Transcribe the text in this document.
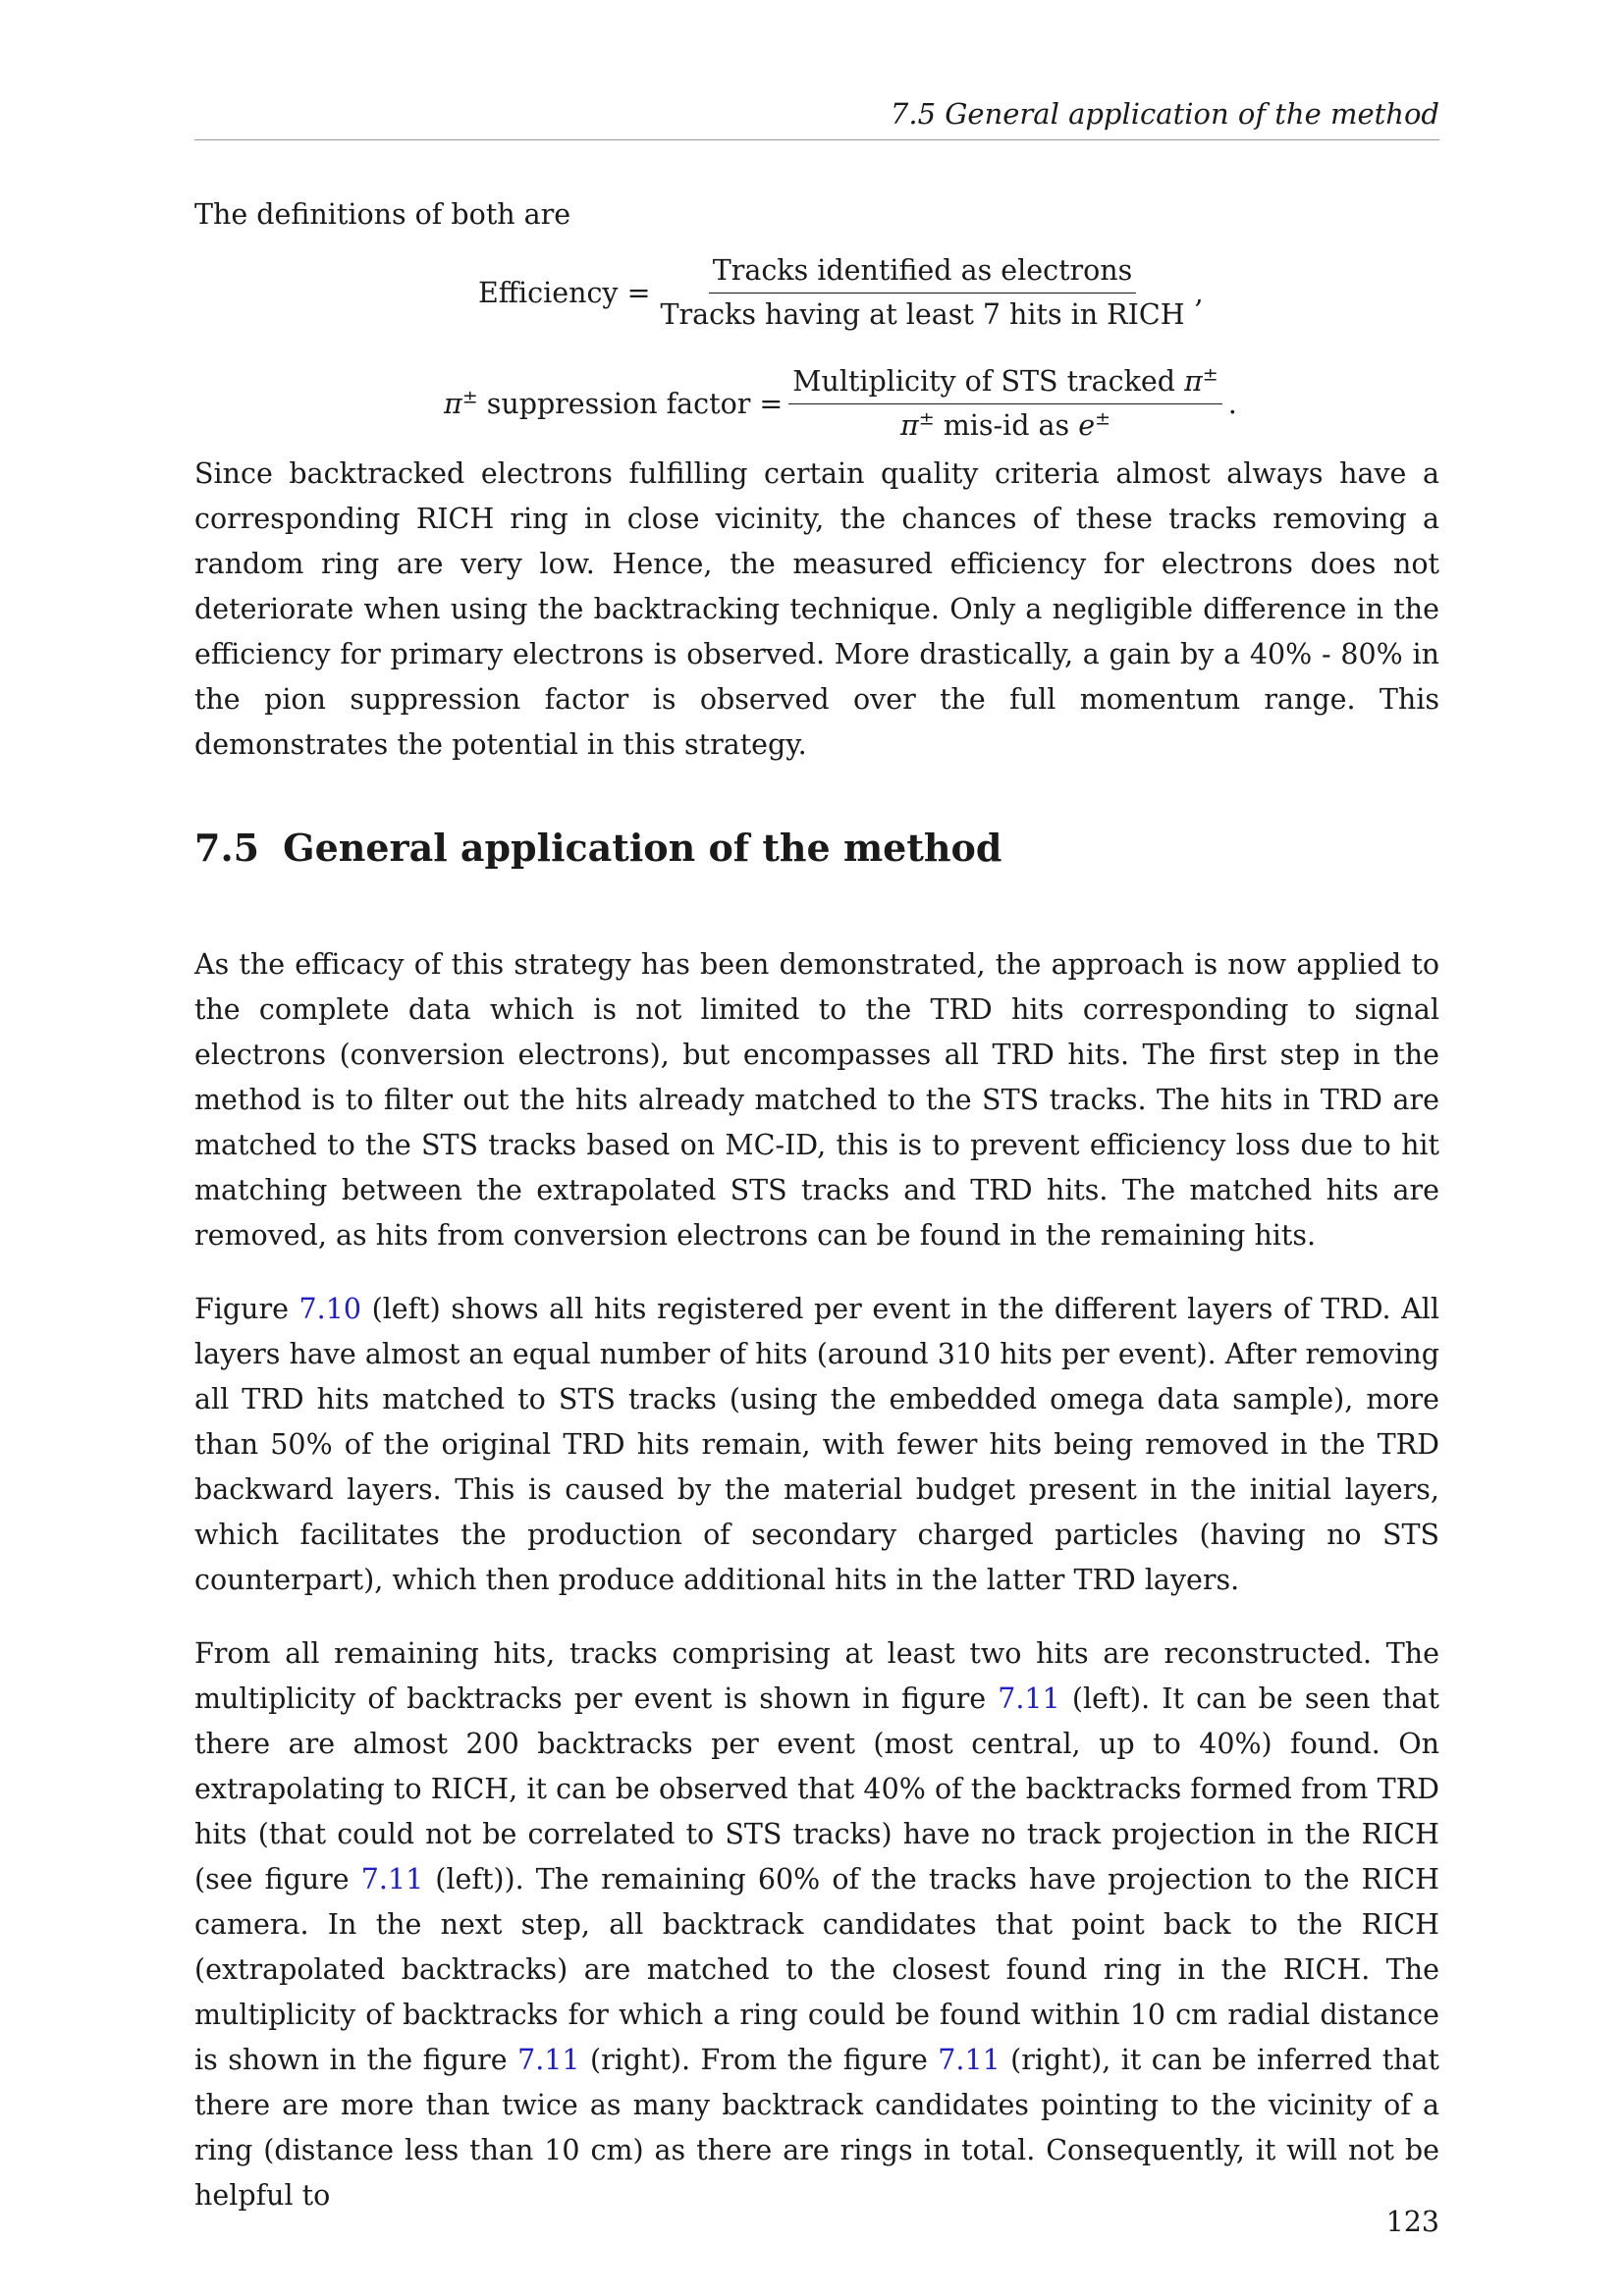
7.5 General application of the method

The definitions of both are

Efficiency = $\frac{\text{Tracks identified as electrons}}{\text{Tracks having at least 7 hits in RICH}}$ ,
π± suppression factor = $\frac{Multiplicity of STS tracked \pi^\pm}{\pi^\pm mis-id as e^\pm}$ .

Since backtracked electrons fulfilling certain quality criteria almost always have a corresponding RICH ring in close vicinity, the chances of these tracks removing a random ring are very low. Hence, the measured efficiency for electrons does not deteriorate when using the backtracking technique. Only a negligible difference in the efficiency for primary electrons is observed. More drastically, a gain by a 40% - 80% in the pion suppression factor is observed over the full momentum range. This demonstrates the potential in this strategy.

7.5 General application of the method

As the efficacy of this strategy has been demonstrated, the approach is now applied to the complete data which is not limited to the TRD hits corresponding to signal electrons (conversion electrons), but encompasses all TRD hits. The first step in the method is to filter out the hits already matched to the STS tracks. The hits in TRD are matched to the STS tracks based on MC-ID, this is to prevent efficiency loss due to hit matching between the extrapolated STS tracks and TRD hits. The matched hits are removed, as hits from conversion electrons can be found in the remaining hits.

Figure 7.10 (left) shows all hits registered per event in the different layers of TRD. All layers have almost an equal number of hits (around 310 hits per event). After removing all TRD hits matched to STS tracks (using the embedded omega data sample), more than 50% of the original TRD hits remain, with fewer hits being removed in the TRD backward layers. This is caused by the material budget present in the initial layers, which facilitates the production of secondary charged particles (having no STS counterpart), which then produce additional hits in the latter TRD layers.

From all remaining hits, tracks comprising at least two hits are reconstructed. The multiplicity of backtracks per event is shown in figure 7.11 (left). It can be seen that there are almost 200 backtracks per event (most central, up to 40%) found. On extrapolating to RICH, it can be observed that 40% of the backtracks formed from TRD hits (that could not be correlated to STS tracks) have no track projection in the RICH (see figure 7.11 (left)). The remaining 60% of the tracks have projection to the RICH camera. In the next step, all backtrack candidates that point back to the RICH (extrapolated backtracks) are matched to the closest found ring in the RICH. The multiplicity of backtracks for which a ring could be found within 10 cm radial distance is shown in the figure 7.11 (right). From the figure 7.11 (right), it can be inferred that there are more than twice as many backtrack candidates pointing to the vicinity of a ring (distance less than 10 cm) as there are rings in total. Consequently, it will not be helpful to

123
